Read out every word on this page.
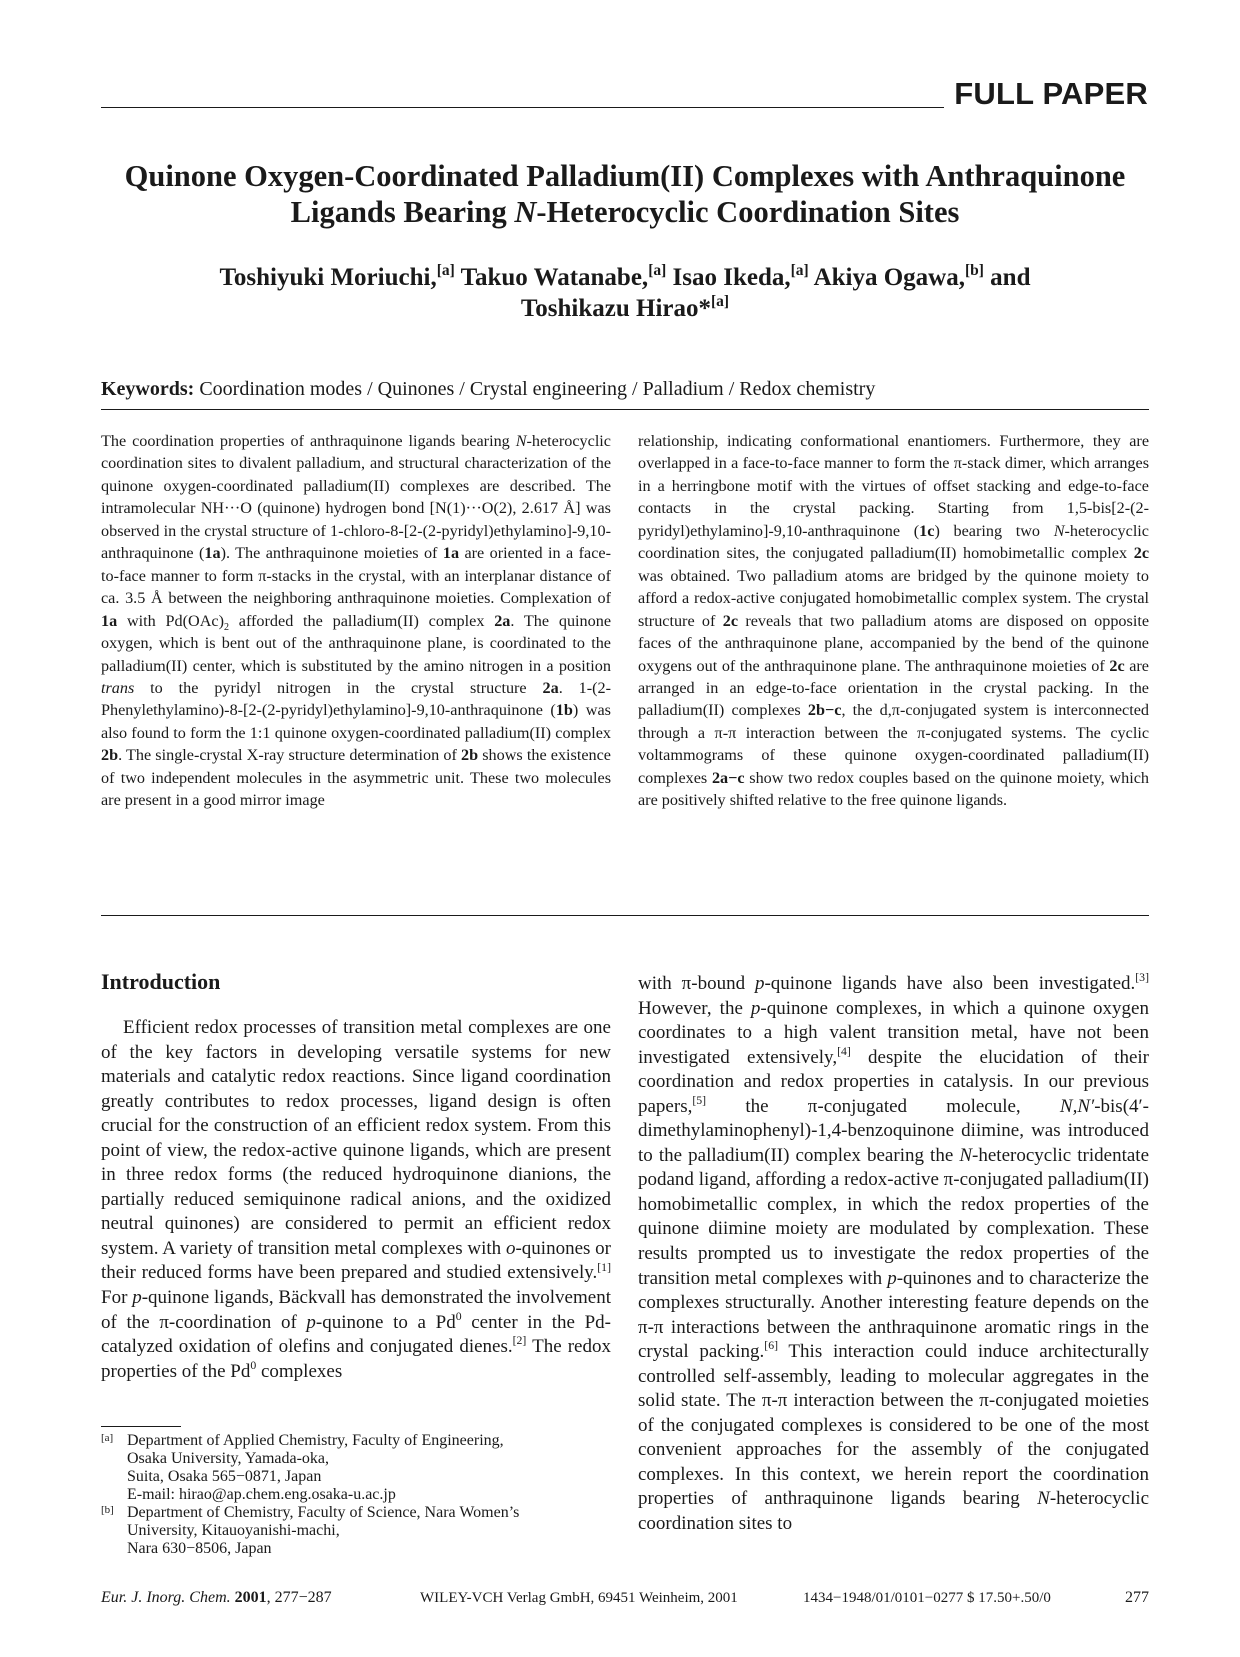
FULL PAPER
Quinone Oxygen-Coordinated Palladium(II) Complexes with Anthraquinone
Ligands Bearing N-Heterocyclic Coordination Sites
Toshiyuki Moriuchi,[a] Takuo Watanabe,[a] Isao Ikeda,[a] Akiya Ogawa,[b] and
Toshikazu Hirao*[a]
Keywords: Coordination modes / Quinones / Crystal engineering / Palladium / Redox chemistry

The coordination properties of anthraquinone ligands bearing N-heterocyclic coordination sites to divalent palladium, and structural characterization of the quinone oxygen-coordinated palladium(II) complexes are described. The intramolecular NH···O (quinone) hydrogen bond [N(1)···O(2), 2.617 Å] was observed in the crystal structure of 1-chloro-8-[2-(2-pyridyl)ethylamino]-9,10-anthraquinone (1a). The anthraquinone moieties of 1a are oriented in a face-to-face manner to form π-stacks in the crystal, with an interplanar distance of ca. 3.5 Å between the neighboring anthraquinone moieties. Complexation of 1a with $Pd(OAc)_2$ afforded the palladium(II) complex 2a. The quinone oxygen, which is bent out of the anthraquinone plane, is coordinated to the palladium(II) center, which is substituted by the amino nitrogen in a position trans to the pyridyl nitrogen in the crystal structure 2a. 1-(2-Phenylethylamino)-8-[2-(2-pyridyl)ethylamino]-9,10-anthraquinone (1b) was also found to form the 1:1 quinone oxygen-coordinated palladium(II) complex 2b. The single-crystal X-ray structure determination of 2b shows the existence of two independent molecules in the asymmetric unit. These two molecules are present in a good mirror image

relationship, indicating conformational enantiomers. Furthermore, they are overlapped in a face-to-face manner to form the π-stack dimer, which arranges in a herringbone motif with the virtues of offset stacking and edge-to-face contacts in the crystal packing. Starting from 1,5-bis[2-(2-pyridyl)ethylamino]-9,10-anthraquinone (1c) bearing two N-heterocyclic coordination sites, the conjugated palladium(II) homobimetallic complex 2c was obtained. Two palladium atoms are bridged by the quinone moiety to afford a redox-active conjugated homobimetallic complex system. The crystal structure of 2c reveals that two palladium atoms are disposed on opposite faces of the anthraquinone plane, accompanied by the bend of the quinone oxygens out of the anthraquinone plane. The anthraquinone moieties of 2c are arranged in an edge-to-face orientation in the crystal packing. In the palladium(II) complexes 2b−c, the d,π-conjugated system is interconnected through a π-π interaction between the π-conjugated systems. The cyclic voltammograms of these quinone oxygen-coordinated palladium(II) complexes 2a−c show two redox couples based on the quinone moiety, which are positively shifted relative to the free quinone ligands.

Introduction

Efficient redox processes of transition metal complexes are one of the key factors in developing versatile systems for new materials and catalytic redox reactions. Since ligand coordination greatly contributes to redox processes, ligand design is often crucial for the construction of an efficient redox system. From this point of view, the redox-active quinone ligands, which are present in three redox forms (the reduced hydroquinone dianions, the partially reduced semiquinone radical anions, and the oxidized neutral quinones) are considered to permit an efficient redox system. A variety of transition metal complexes with o-quinones or their reduced forms have been prepared and studied extensively.[1] For p-quinone ligands, Bäckvall has demonstrated the involvement of the π-coordination of p-quinone to a Pd$^0$ center in the Pd-catalyzed oxidation of olefins and conjugated dienes.[2] The redox properties of the Pd$^0$ complexes

with π-bound p-quinone ligands have also been investigated.[3] However, the p-quinone complexes, in which a quinone oxygen coordinates to a high valent transition metal, have not been investigated extensively,[4] despite the elucidation of their coordination and redox properties in catalysis. In our previous papers,[5] the π-conjugated molecule, N,N′-bis(4′-dimethylaminophenyl)-1,4-benzoquinone diimine, was introduced to the palladium(II) complex bearing the N-heterocyclic tridentate podand ligand, affording a redox-active π-conjugated palladium(II) homobimetallic complex, in which the redox properties of the quinone diimine moiety are modulated by complexation. These results prompted us to investigate the redox properties of the transition metal complexes with p-quinones and to characterize the complexes structurally. Another interesting feature depends on the π-π interactions between the anthraquinone aromatic rings in the crystal packing.[6] This interaction could induce architecturally controlled self-assembly, leading to molecular aggregates in the solid state. The π-π interaction between the π-conjugated moieties of the conjugated complexes is considered to be one of the most convenient approaches for the assembly of the conjugated complexes. In this context, we herein report the coordination properties of anthraquinone ligands bearing N-heterocyclic coordination sites to

[a] Department of Applied Chemistry, Faculty of Engineering,
Osaka University, Yamada-oka,
Suita, Osaka 565−0871, Japan
E-mail: hirao@ap.chem.eng.osaka-u.ac.jp
[b] Department of Chemistry, Faculty of Science, Nara Women’s
University, Kitauoyanishi-machi,
Nara 630−8506, Japan
Eur. J. Inorg. Chem. 2001, 277−287	WILEY-VCH Verlag GmbH, 69451 Weinheim, 2001	1434−1948/01/0101−0277 $ 17.50+.50/0	277
